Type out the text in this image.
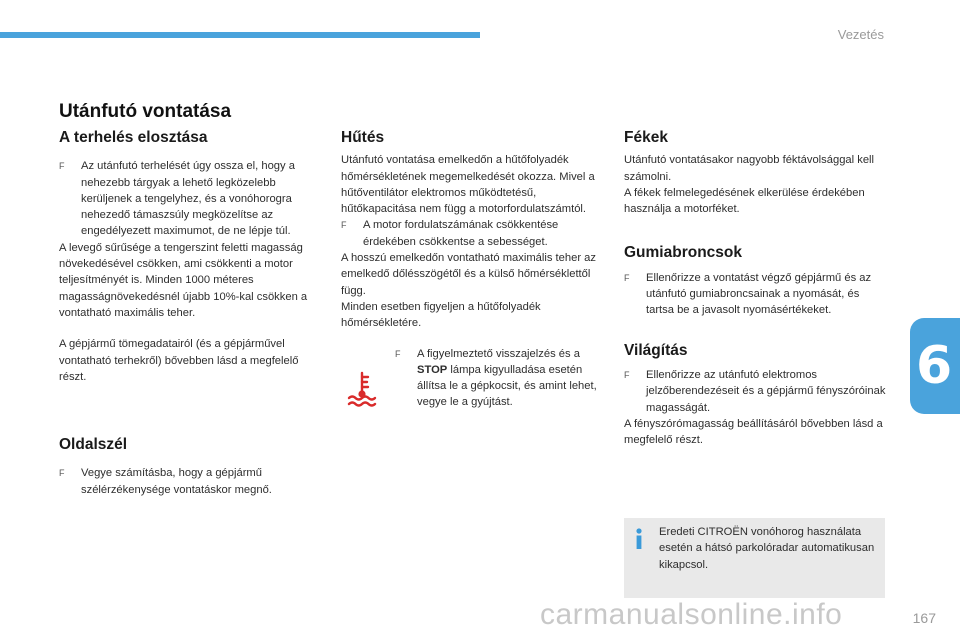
Vezetés
6
Utánfutó vontatása
A terhelés elosztása
F Az utánfutó terhelését úgy ossza el, hogy a nehezebb tárgyak a lehető legközelebb kerüljenek a tengelyhez, és a vonóhorogra nehezedő támaszsúly megközelítse az engedélyezett maximumot, de ne lépje túl.

A levegő sűrűsége a tengerszint feletti magasság növekedésével csökken, ami csökkenti a motor teljesítményét is. Minden 1000 méteres magasságnövekedésnél újabb 10%-kal csökken a vontatható maximális teher.

A gépjármű tömegadatairól (és a gépjárművel vontatható terhekről) bővebben lásd a megfelelő részt.

Oldalszél
F Vegye számításba, hogy a gépjármű szélérzékenysége vontatáskor megnő.

Hűtés

Utánfutó vontatása emelkedőn a hűtőfolyadék hőmérsékletének megemelkedését okozza. Mivel a hűtőventilátor elektromos működtetésű, hűtőkapacitása nem függ a motorfordulatszámtól.

F A motor fordulatszámának csökkentése érdekében csökkentse a sebességet.

A hosszú emelkedőn vontatható maximális teher az emelkedő dőlésszögétől és a külső hőmérséklettől függ.

Minden esetben figyeljen a hűtőfolyadék hőmérsékletére.

F A figyelmeztető visszajelzés és a STOP lámpa kigyulladása esetén állítsa le a gépkocsit, és amint lehet, vegye le a gyújtást.

Fékek

Utánfutó vontatásakor nagyobb féktávolsággal kell számolni.

A fékek felmelegedésének elkerülése érdekében használja a motorféket.

Gumiabroncsok
F Ellenőrizze a vontatást végző gépjármű és az utánfutó gumiabroncsainak a nyomását, és tartsa be a javasolt nyomásértékeket.

Világítás
F Ellenőrizze az utánfutó elektromos jelzőberendezéseit és a gépjármű fényszóróinak magasságát.

A fényszórómagasság beállításáról bővebben lásd a megfelelő részt.

Eredeti CITROËN vonóhorog használata esetén a hátsó parkolóradar automatikusan kikapcsol.

carmanualsonline.info	167
